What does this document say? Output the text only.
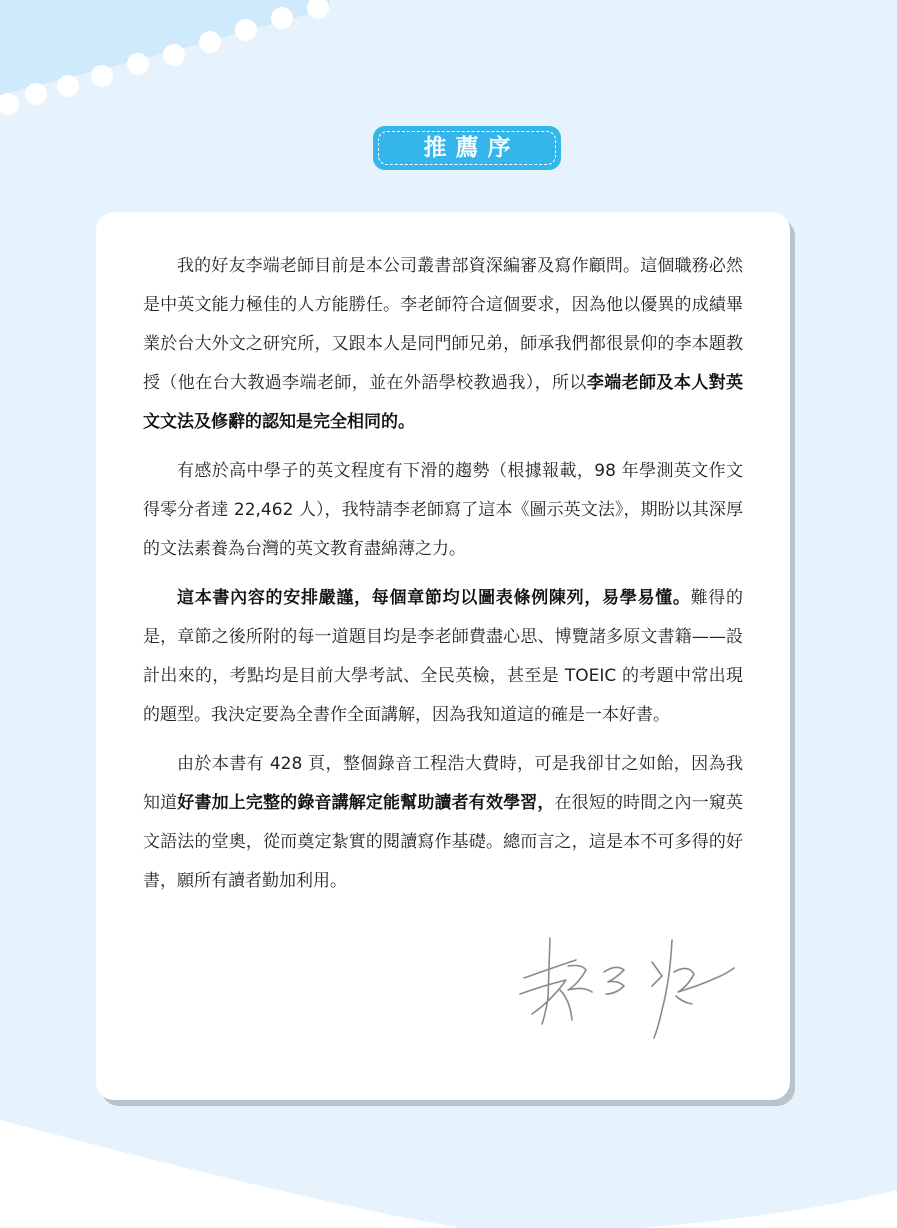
推薦序

我的好友李端老師目前是本公司叢書部資深編審及寫作顧問。這個職務必然是中英文能力極佳的人方能勝任。李老師符合這個要求，因為他以優異的成績畢業於台大外文之研究所，又跟本人是同門師兄弟，師承我們都很景仰的李本題教授（他在台大教過李端老師，並在外語學校教過我），所以李端老師及本人對英文文法及修辭的認知是完全相同的。

有感於高中學子的英文程度有下滑的趨勢（根據報載，98 年學測英文作文得零分者達 22,462 人），我特請李老師寫了這本《圖示英文法》，期盼以其深厚的文法素養為台灣的英文教育盡綿薄之力。

這本書內容的安排嚴謹，每個章節均以圖表條例陳列，易學易懂。難得的是，章節之後所附的每一道題目均是李老師費盡心思、博覽諸多原文書籍——設計出來的，考點均是目前大學考試、全民英檢，甚至是 TOEIC 的考題中常出現的題型。我決定要為全書作全面講解，因為我知道這的確是一本好書。

由於本書有 428 頁，整個錄音工程浩大費時，可是我卻甘之如飴，因為我知道好書加上完整的錄音講解定能幫助讀者有效學習，在很短的時間之內一窺英文語法的堂奧，從而奠定紮實的閱讀寫作基礎。總而言之，這是本不可多得的好書，願所有讀者勤加利用。
